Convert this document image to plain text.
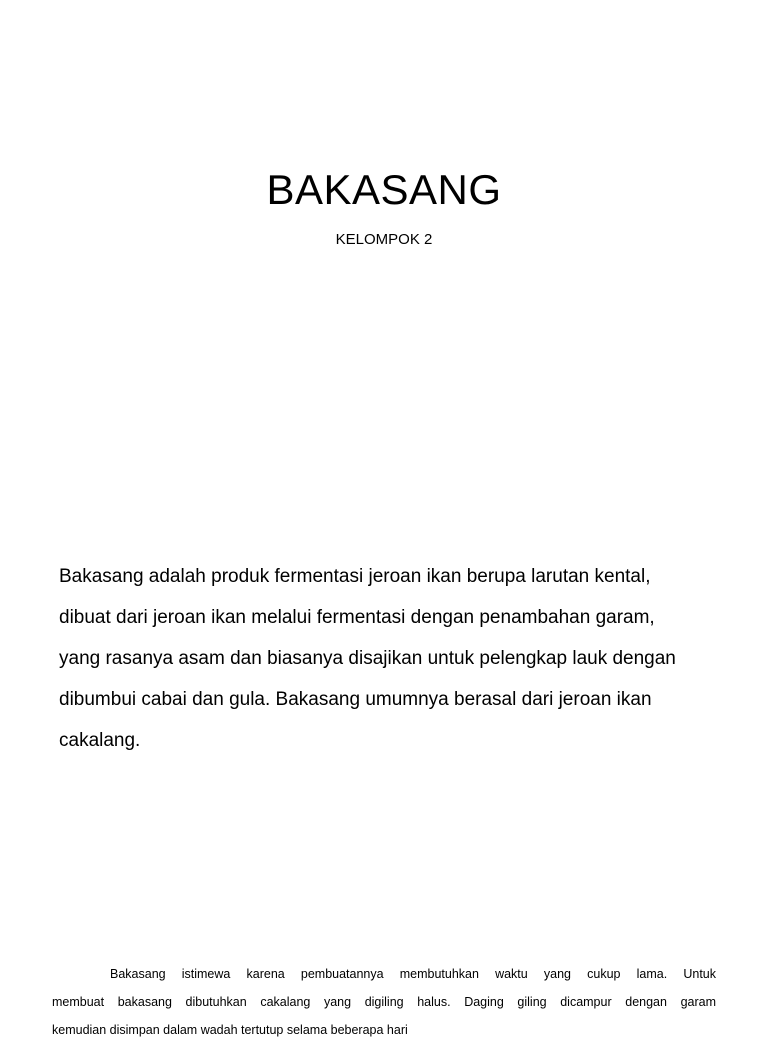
BAKASANG
KELOMPOK 2
Bakasang adalah produk fermentasi jeroan ikan berupa larutan kental,
dibuat dari jeroan ikan melalui fermentasi dengan penambahan garam,
yang rasanya asam dan biasanya disajikan untuk pelengkap lauk dengan
dibumbui cabai dan gula. Bakasang umumnya berasal dari jeroan ikan
cakalang.
Bakasang istimewa karena pembuatannya membutuhkan waktu yang cukup lama. Untuk
membuat bakasang dibutuhkan cakalang yang digiling halus. Daging giling dicampur dengan garam
kemudian disimpan dalam wadah tertutup selama beberapa hari
